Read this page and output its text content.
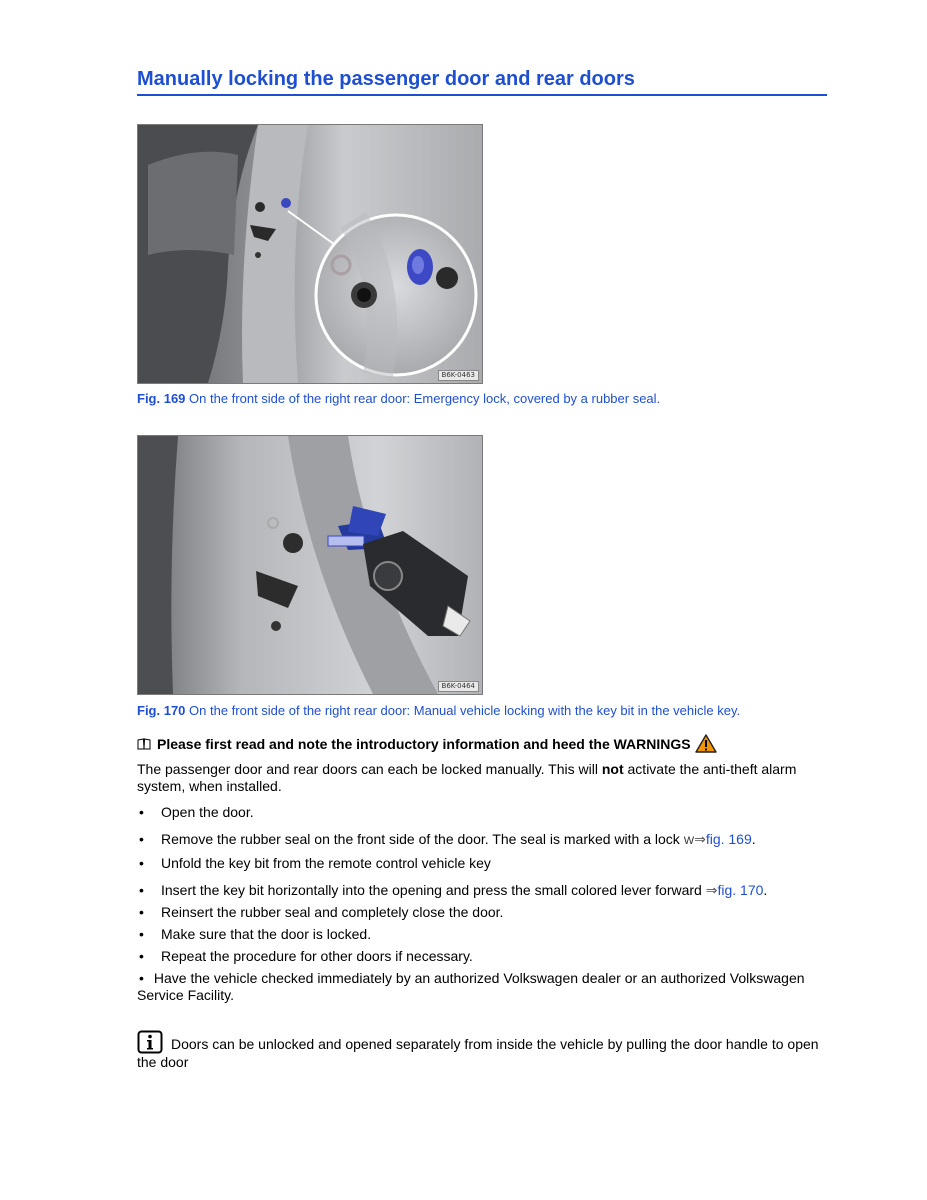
Manually locking the passenger door and rear doors
B6K-0463
Fig. 169 On the front side of the right rear door: Emergency lock, covered by a rubber seal.
B6K-0464
Fig. 170 On the front side of the right rear door: Manual vehicle locking with the key bit in the vehicle key.
Please first read and note the introductory information and heed the WARNINGS
The passenger door and rear doors can each be locked manually. This will not activate the anti-theft alarm system, when installed.
• Open the door.
• Remove the rubber seal on the front side of the door. The seal is marked with a lock W⇒fig. 169.
• Unfold the key bit from the remote control vehicle key
• Insert the key bit horizontally into the opening and press the small colored lever forward ⇒fig. 170.
• Reinsert the rubber seal and completely close the door.
• Make sure that the door is locked.
• Repeat the procedure for other doors if necessary.
• Have the vehicle checked immediately by an authorized Volkswagen dealer or an authorized Volkswagen Service Facility.
Doors can be unlocked and opened separately from inside the vehicle by pulling the door handle to open the door
